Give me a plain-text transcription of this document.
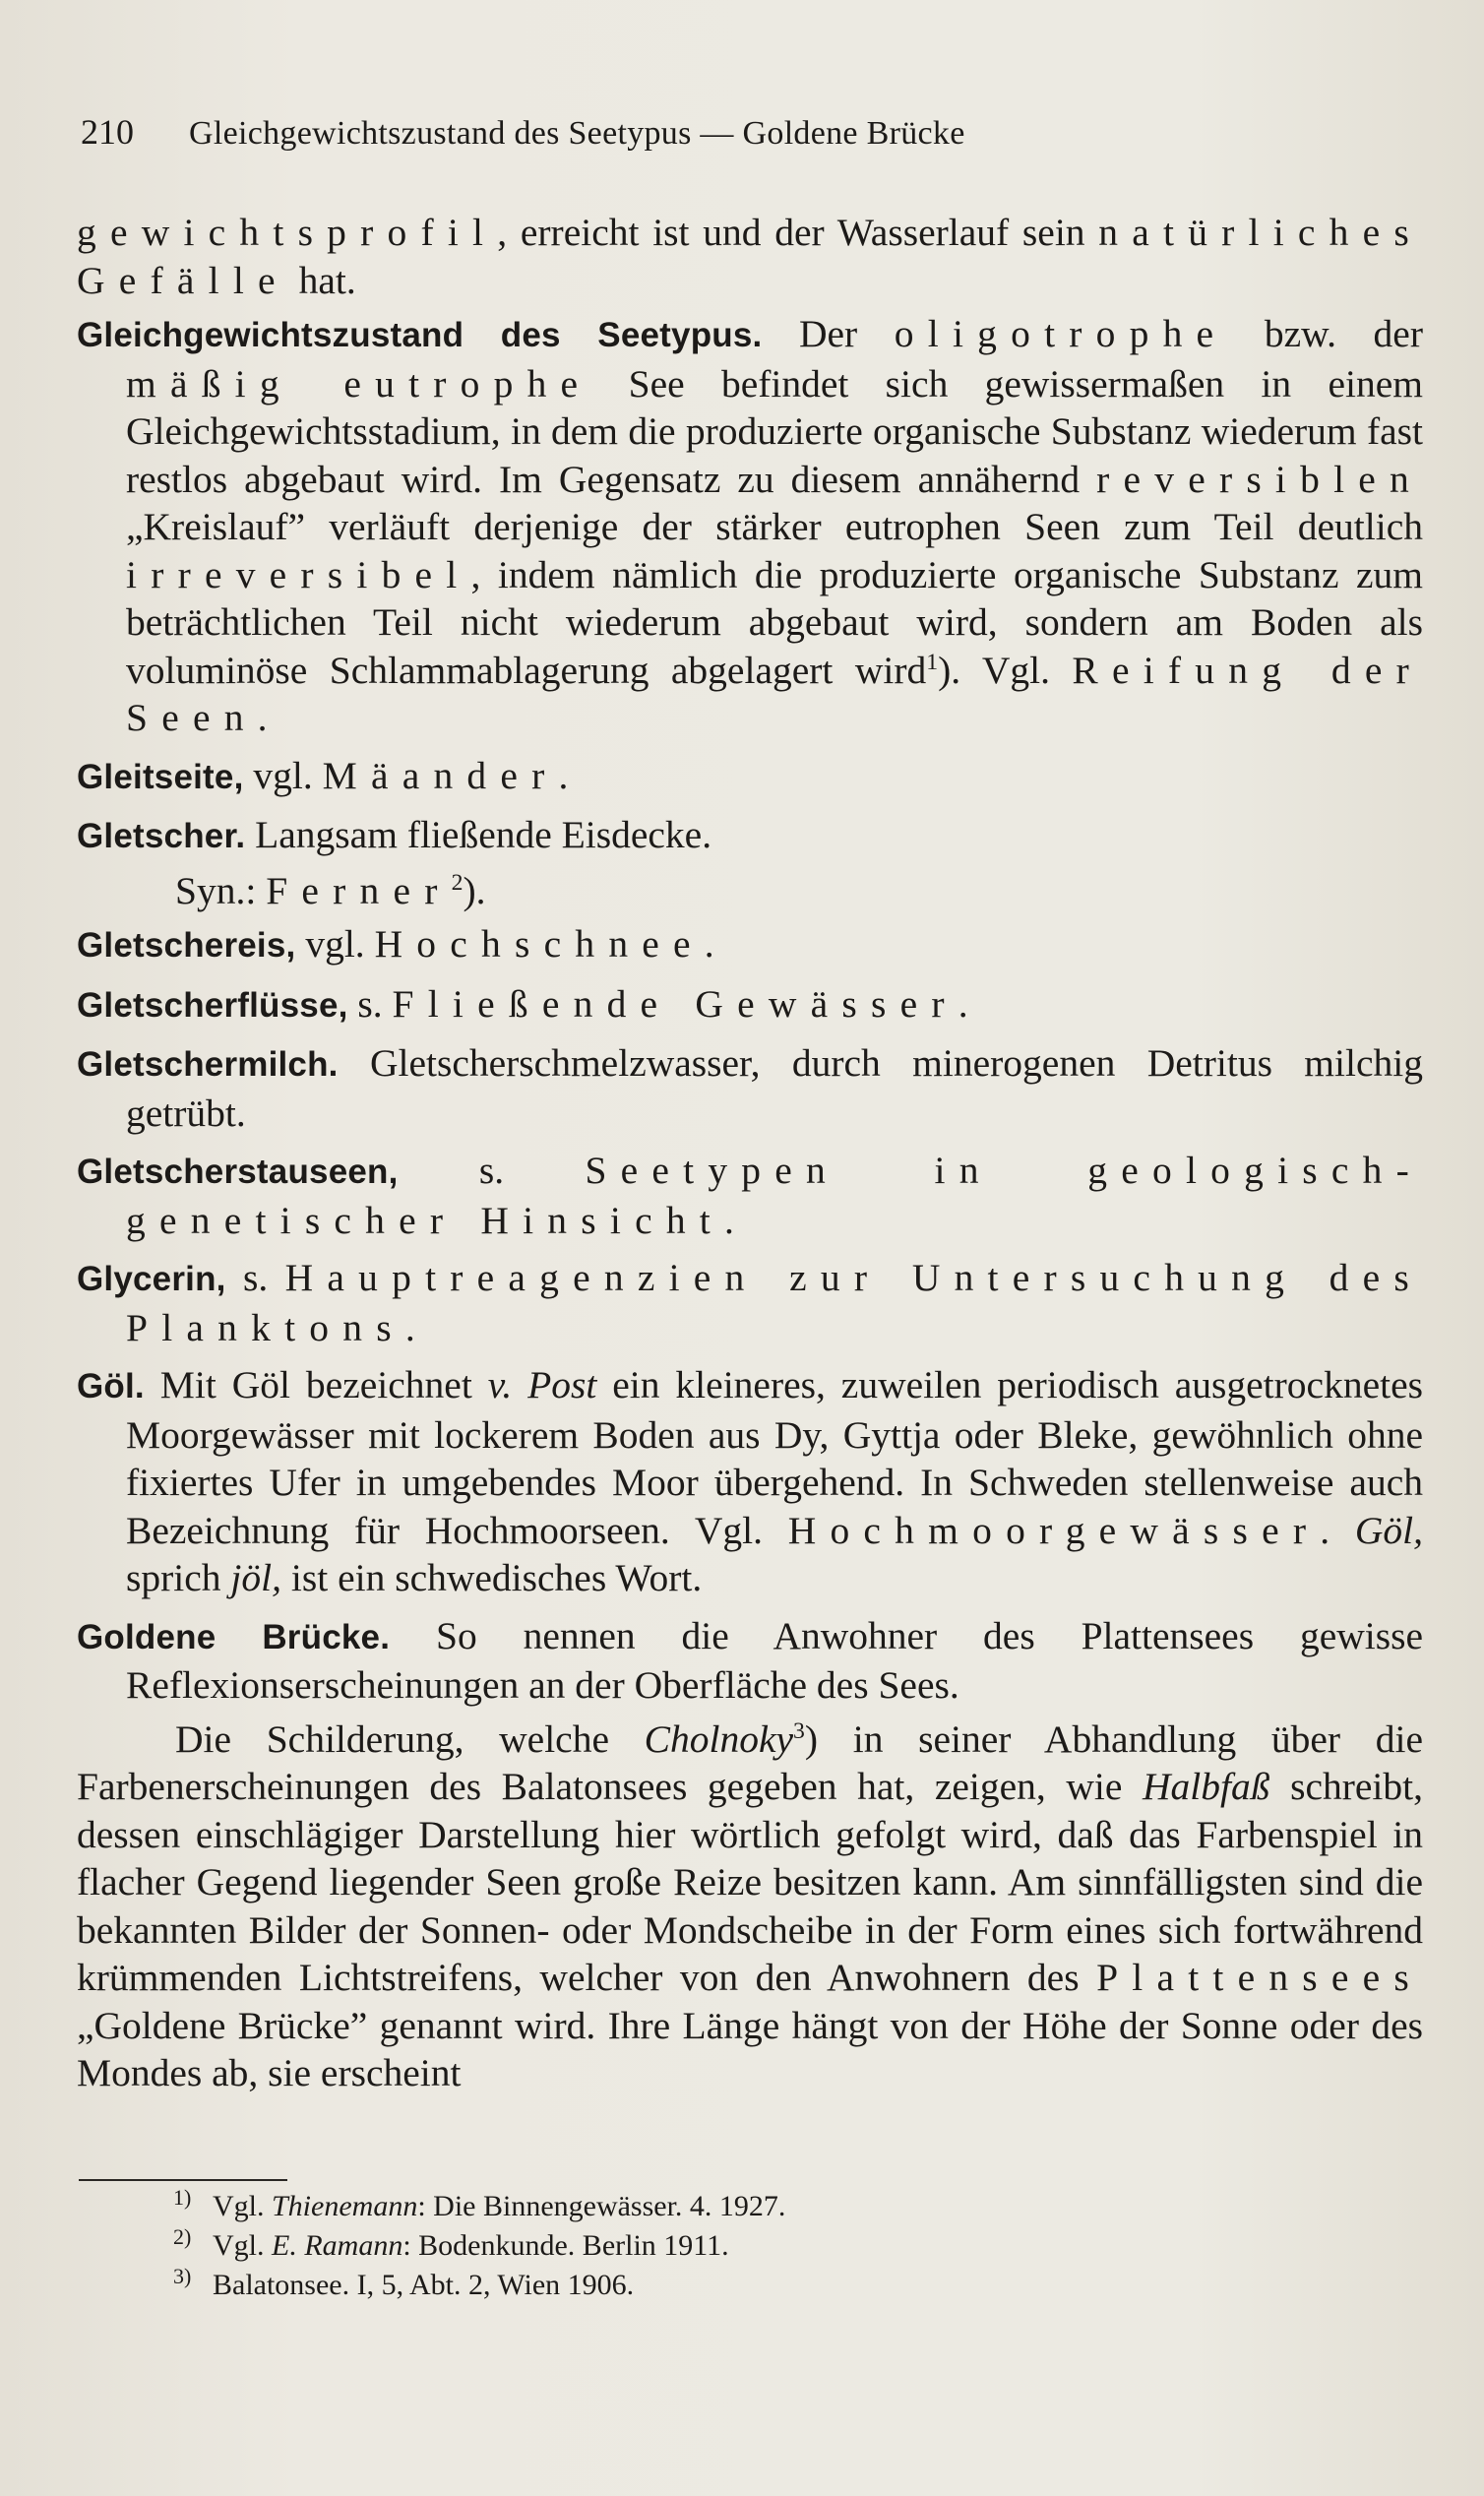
210 Gleichgewichtszustand des Seetypus — Goldene Brücke

gewichtsprofil, erreicht ist und der Wasserlauf sein natürliches Gefälle hat.

Gleichgewichtszustand des Seetypus. Der oligotrophe bzw. der mäßig eutrophe See befindet sich gewissermaßen in einem Gleichgewichtsstadium, in dem die produzierte organische Substanz wiederum fast restlos abgebaut wird. Im Gegensatz zu diesem annähernd reversiblen „Kreislauf” verläuft derjenige der stärker eutrophen Seen zum Teil deutlich irreversibel, indem nämlich die produzierte organische Substanz zum beträchtlichen Teil nicht wiederum abgebaut wird, sondern am Boden als voluminöse Schlammablagerung abgelagert wird$^1$). Vgl. Reifung der Seen.

Gleitseite, vgl. Mäander.

Gletscher. Langsam fließende Eisdecke.

Syn.: Ferner$^2$).

Gletschereis, vgl. Hochschnee.

Gletscherflüsse, s. Fließende Gewässer.

Gletschermilch. Gletscherschmelzwasser, durch minerogenen Detritus milchig getrübt.

Gletscherstauseen, s. Seetypen in geologisch-genetischer Hinsicht.

Glycerin, s. Hauptreagenzien zur Untersuchung des Planktons.

Göl. Mit Göl bezeichnet v. Post ein kleineres, zuweilen periodisch ausgetrocknetes Moorgewässer mit lockerem Boden aus Dy, Gyttja oder Bleke, gewöhnlich ohne fixiertes Ufer in umgebendes Moor übergehend. In Schweden stellenweise auch Bezeichnung für Hochmoorseen. Vgl. Hochmoorgewässer. Göl, sprich jöl, ist ein schwedisches Wort.

Goldene Brücke. So nennen die Anwohner des Plattensees gewisse Reflexionserscheinungen an der Oberfläche des Sees.

Die Schilderung, welche Cholnoky$^3$) in seiner Abhandlung über die Farbenerscheinungen des Balatonsees gegeben hat, zeigen, wie Halbfaß schreibt, dessen einschlägiger Darstellung hier wörtlich gefolgt wird, daß das Farbenspiel in flacher Gegend liegender Seen große Reize besitzen kann. Am sinnfälligsten sind die bekannten Bilder der Sonnen- oder Mondscheibe in der Form eines sich fortwährend krümmenden Lichtstreifens, welcher von den Anwohnern des Plattensees „Goldene Brücke” genannt wird. Ihre Länge hängt von der Höhe der Sonne oder des Mondes ab, sie erscheint

1) Vgl. Thienemann: Die Binnengewässer. 4. 1927.
2) Vgl. E. Ramann: Bodenkunde. Berlin 1911.
3) Balatonsee. I, 5, Abt. 2, Wien 1906.
